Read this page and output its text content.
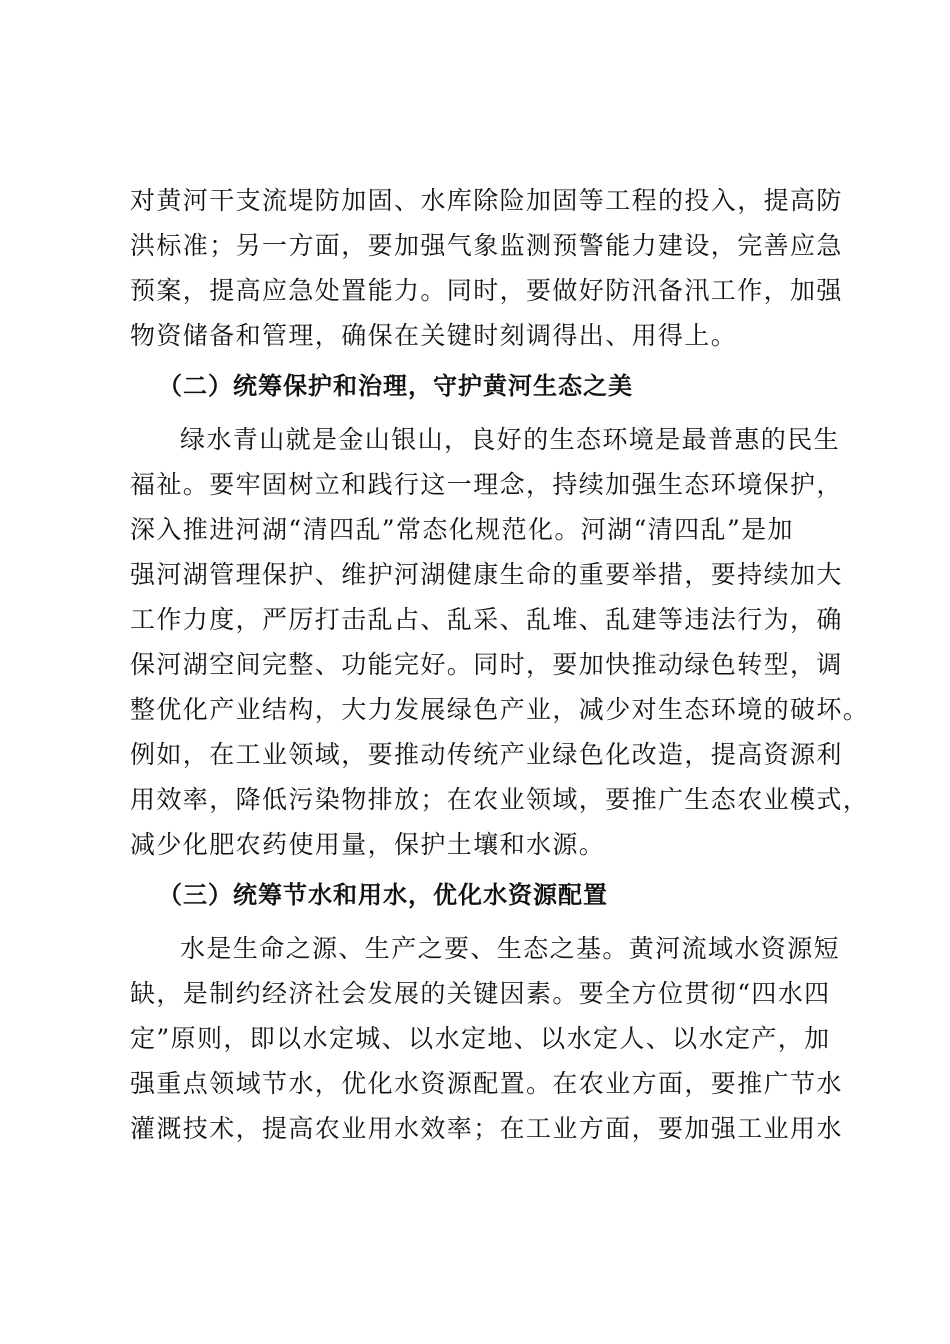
对黄河干支流堤防加固、水库除险加固等工程的投入，提高防
洪标准；另一方面，要加强气象监测预警能力建设，完善应急
预案，提高应急处置能力。同时，要做好防汛备汛工作，加强
物资储备和管理，确保在关键时刻调得出、用得上。
（二）统筹保护和治理，守护黄河生态之美
绿水青山就是金山银山，良好的生态环境是最普惠的民生
福祉。要牢固树立和践行这一理念，持续加强生态环境保护，
深入推进河湖“清四乱”常态化规范化。河湖“清四乱”是加
强河湖管理保护、维护河湖健康生命的重要举措，要持续加大
工作力度，严厉打击乱占、乱采、乱堆、乱建等违法行为，确
保河湖空间完整、功能完好。同时，要加快推动绿色转型，调
整优化产业结构，大力发展绿色产业，减少对生态环境的破坏。
例如，在工业领域，要推动传统产业绿色化改造，提高资源利
用效率，降低污染物排放；在农业领域，要推广生态农业模式，
减少化肥农药使用量，保护土壤和水源。
（三）统筹节水和用水，优化水资源配置
水是生命之源、生产之要、生态之基。黄河流域水资源短
缺，是制约经济社会发展的关键因素。要全方位贯彻“四水四
定”原则，即以水定城、以水定地、以水定人、以水定产，加
强重点领域节水，优化水资源配置。在农业方面，要推广节水
灌溉技术，提高农业用水效率；在工业方面，要加强工业用水
